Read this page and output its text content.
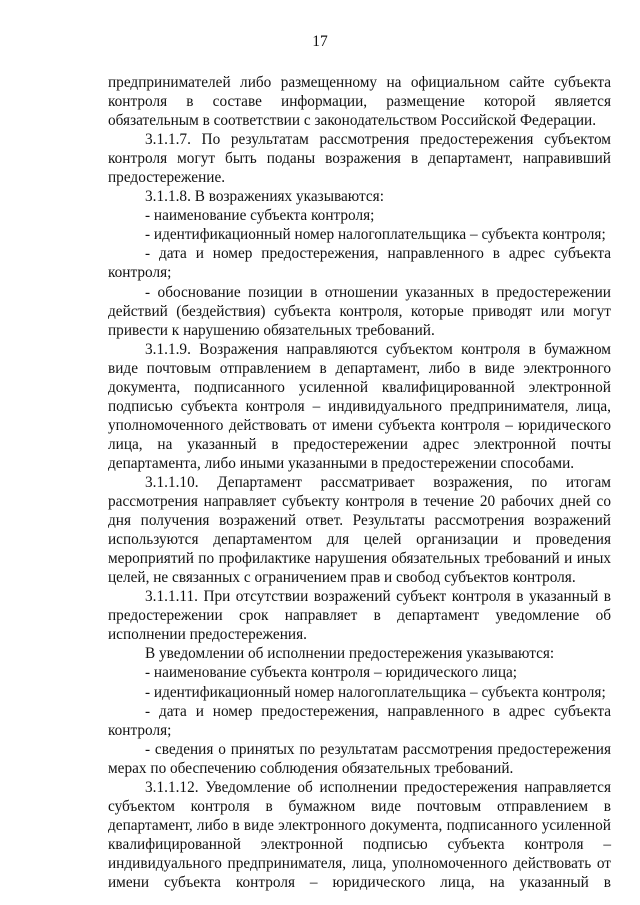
17

предпринимателей либо размещенному на официальном сайте субъекта контроля в составе информации, размещение которой является обязательным в соответствии с законодательством Российской Федерации.

3.1.1.7. По результатам рассмотрения предостережения субъектом контроля могут быть поданы возражения в департамент, направивший предостережение.

3.1.1.8. В возражениях указываются:

- наименование субъекта контроля;

- идентификационный номер налогоплательщика – субъекта контроля;

- дата и номер предостережения, направленного в адрес субъекта контроля;

- обоснование позиции в отношении указанных в предостережении действий (бездействия) субъекта контроля, которые приводят или могут привести к нарушению обязательных требований.

3.1.1.9. Возражения направляются субъектом контроля в бумажном виде почтовым отправлением в департамент, либо в виде электронного документа, подписанного усиленной квалифицированной электронной подписью субъекта контроля – индивидуального предпринимателя, лица, уполномоченного действовать от имени субъекта контроля – юридического лица, на указанный в предостережении адрес электронной почты департамента, либо иными указанными в предостережении способами.

3.1.1.10. Департамент рассматривает возражения, по итогам рассмотрения направляет субъекту контроля в течение 20 рабочих дней со дня получения возражений ответ. Результаты рассмотрения возражений используются департаментом для целей организации и проведения мероприятий по профилактике нарушения обязательных требований и иных целей, не связанных с ограничением прав и свобод субъектов контроля.

3.1.1.11. При отсутствии возражений субъект контроля в указанный в предостережении срок направляет в департамент уведомление об исполнении предостережения.

В уведомлении об исполнении предостережения указываются:

- наименование субъекта контроля – юридического лица;

- идентификационный номер налогоплательщика – субъекта контроля;

- дата и номер предостережения, направленного в адрес субъекта контроля;

- сведения о принятых по результатам рассмотрения предостережения мерах по обеспечению соблюдения обязательных требований.

3.1.1.12. Уведомление об исполнении предостережения направляется субъектом контроля в бумажном виде почтовым отправлением в департамент, либо в виде электронного документа, подписанного усиленной квалифицированной электронной подписью субъекта контроля – индивидуального предпринимателя, лица, уполномоченного действовать от имени субъекта контроля – юридического лица, на указанный в
